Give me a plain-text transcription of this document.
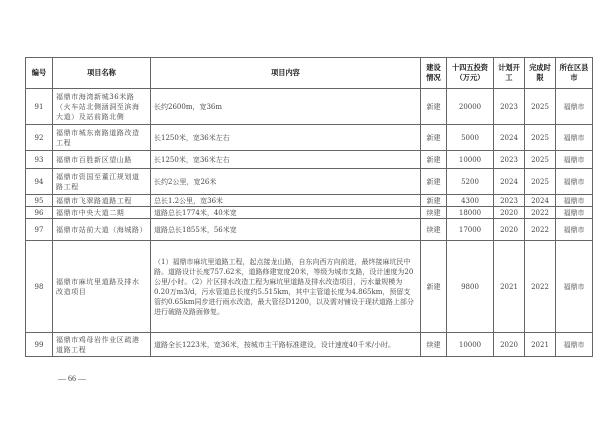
编号	项目名称	项目内容	建设情况	十四五投资（万元）	计划开工	完成时限	所在区县市
91	福鼎市海湾新城36米路（火车站北侧涵洞至滨海大道）及站前路北侧	长约2600m，宽36m	新建	20000	2023	2025	福鼎市
92	福鼎市城东南路道路改造工程	长1250米，宽36米左右	新建	5000	2024	2025	福鼎市
93	福鼎市百胜新区望山路	长1250米，宽36米左右	新建	10000	2023	2025	福鼎市
94	福鼎市资国至董江规划道路工程	长约2公里，宽26米	新建	5200	2024	2025	福鼎市
95	福鼎市飞翠路道路工程	总长1.2公里，宽36米	新建	4300	2023	2024	福鼎市
96	福鼎市中央大道二期	道路总长1774米，40米宽	续建	18000	2020	2022	福鼎市
97	福鼎市站前大道（海城路）	道路总长1855米，56米宽	续建	17000	2020	2022	福鼎市
98	福鼎市麻坑里道路及排水改造项目	（1）福鼎市麻坑里道路工程，起点接龙山路，自东向西方向前进，最终接麻坑民中路。道路设计长度757.62米，道路修建宽度20米，等级为城市支路，设计速度为20公里/小时。（2）片区排水改造工程为麻坑里道路及排水改造项目，污水量规模为0.20万m3/d，污水管道总长度约5.515km，其中主管道长度为4.865km，预留支管约0.65km同步进行雨水改造，最大管径D1200，以及需对铺设于现状道路上部分进行破路及路面修复。	新建	9800	2021	2022	福鼎市
99	福鼎市鸡母岩作业区疏港道路工程	道路全长1223米，宽36米，按城市主干路标准建设，设计速度40千米/小时。	续建	10000	2020	2021	福鼎市
— 66 —
